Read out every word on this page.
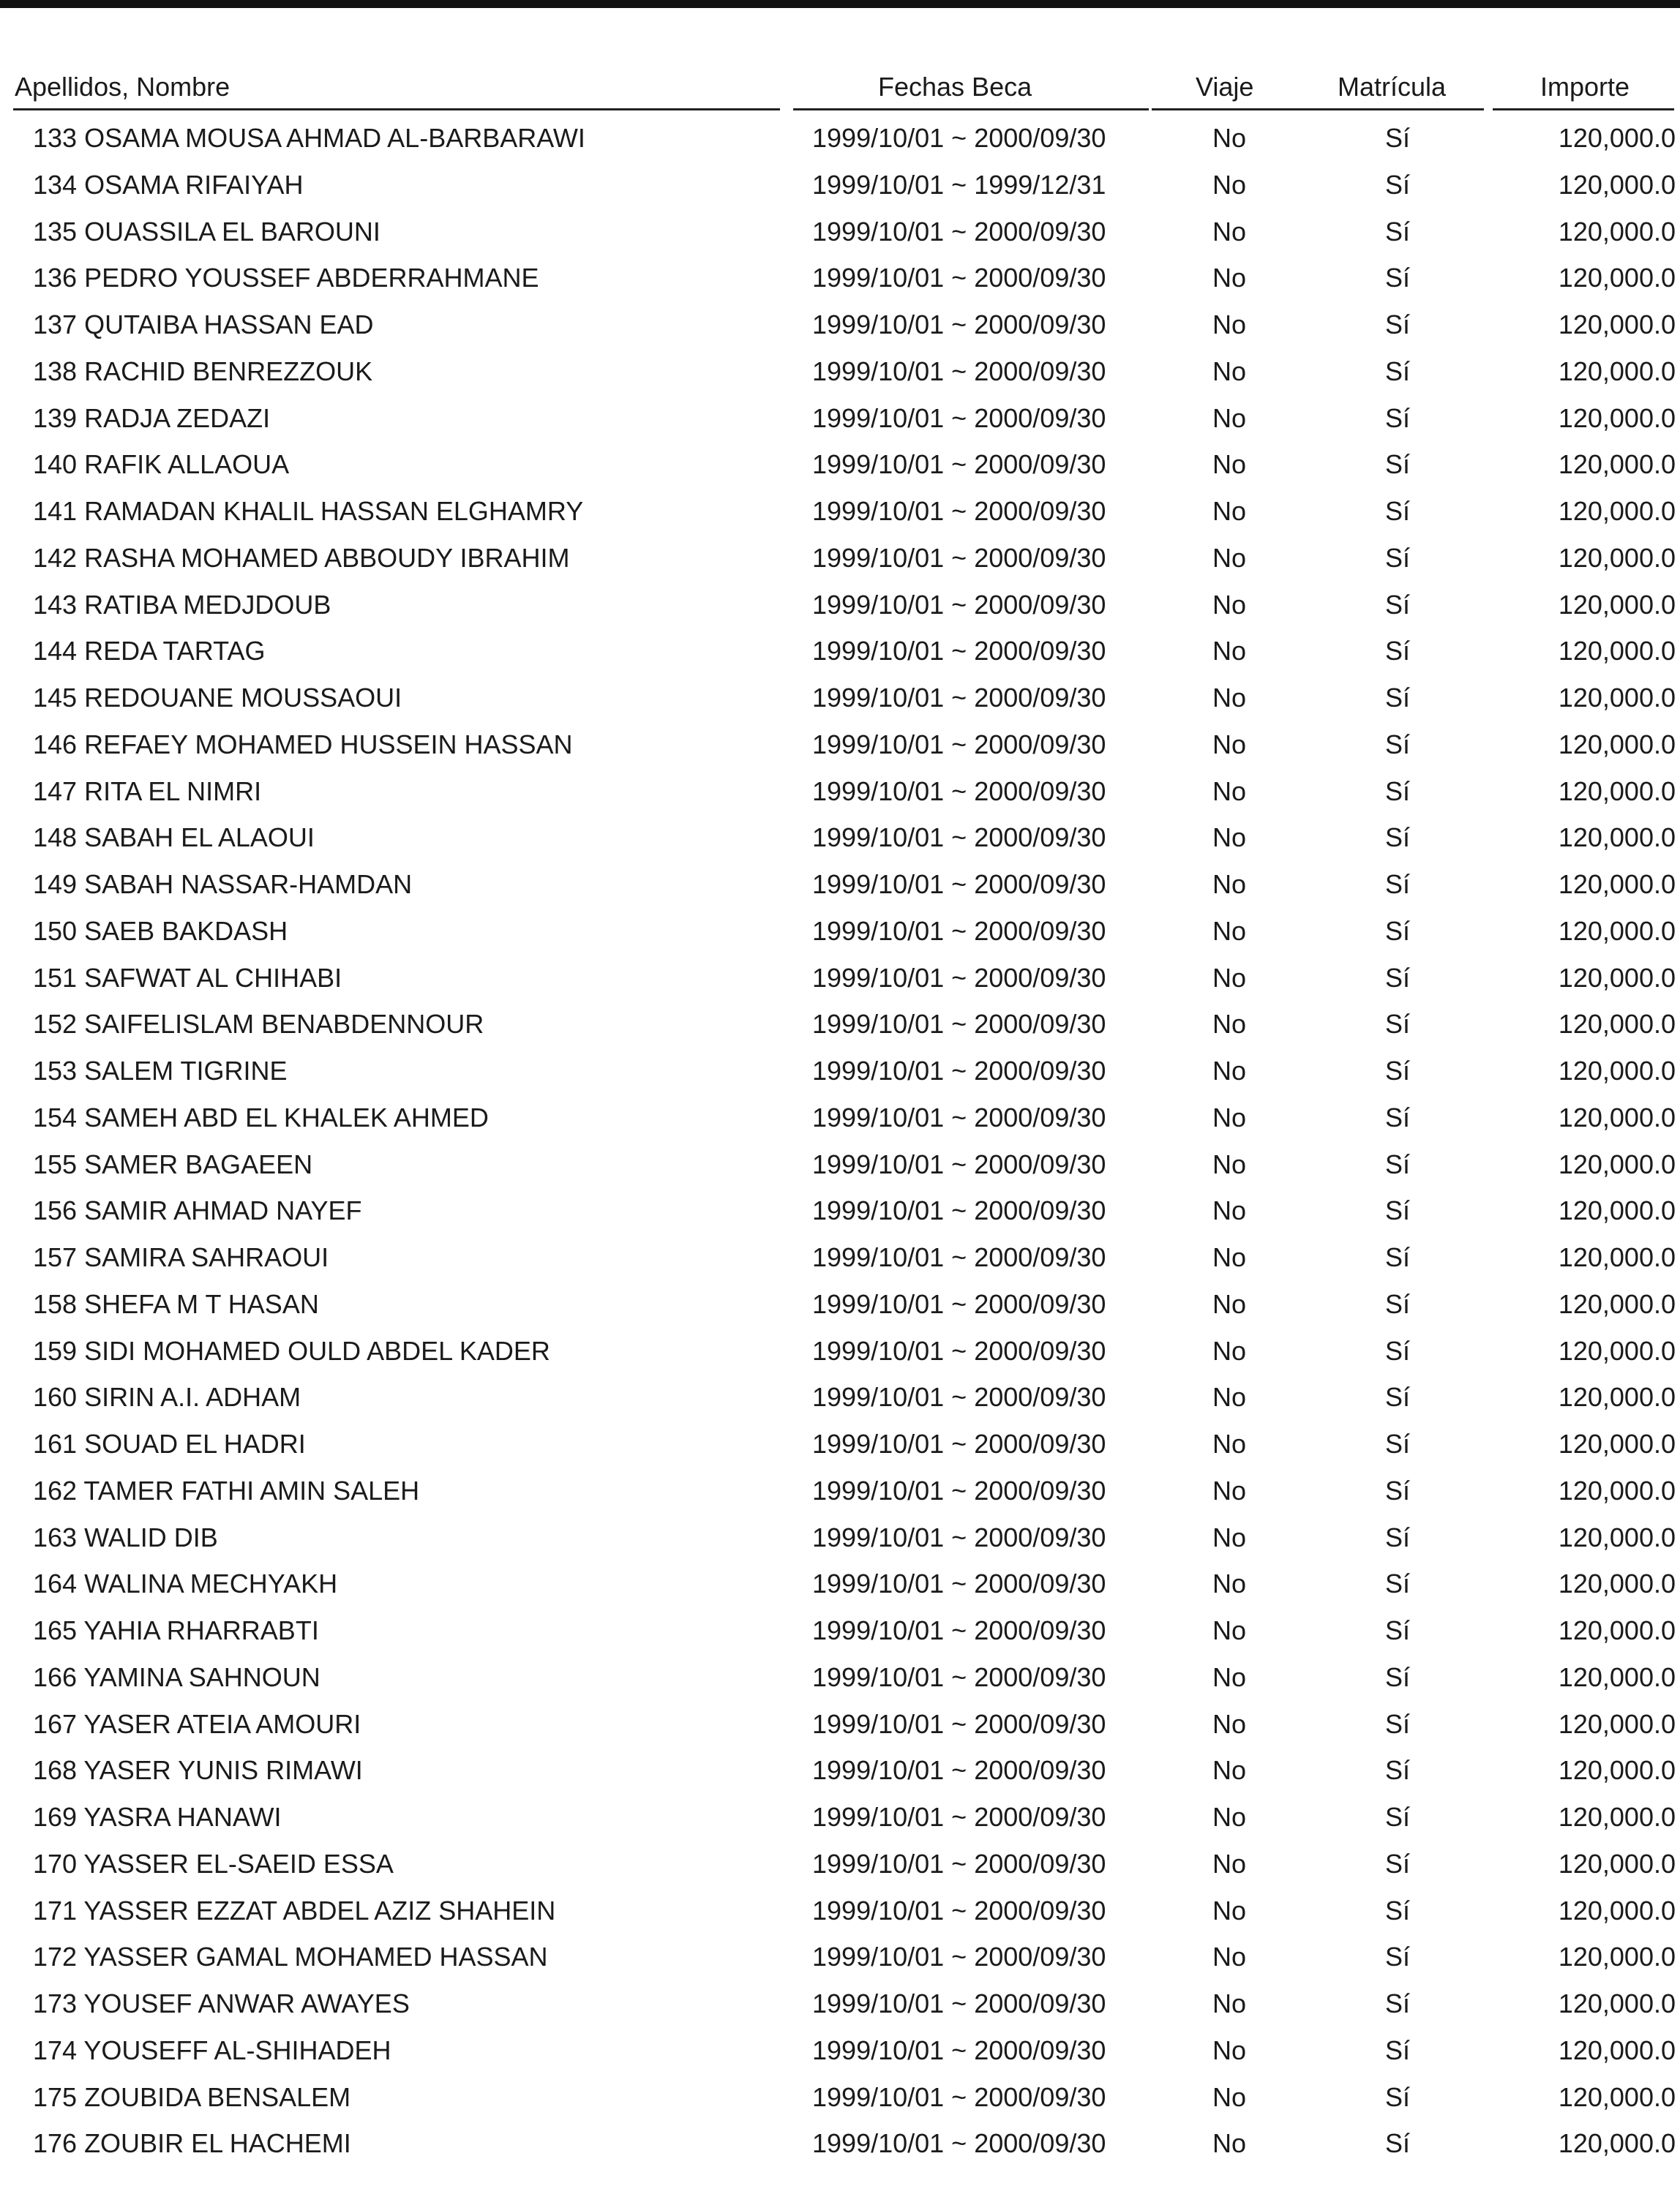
Apellidos, Nombre	Fechas Beca	Viaje	Matrícula	Importe
133 OSAMA MOUSA AHMAD AL-BARBARAWI	1999/10/01 ~ 2000/09/30	No	Sí	120,000.0
134 OSAMA RIFAIYAH	1999/10/01 ~ 1999/12/31	No	Sí	120,000.0
135 OUASSILA EL BAROUNI	1999/10/01 ~ 2000/09/30	No	Sí	120,000.0
136 PEDRO YOUSSEF ABDERRAHMANE	1999/10/01 ~ 2000/09/30	No	Sí	120,000.0
137 QUTAIBA HASSAN EAD	1999/10/01 ~ 2000/09/30	No	Sí	120,000.0
138 RACHID BENREZZOUK	1999/10/01 ~ 2000/09/30	No	Sí	120,000.0
139 RADJA ZEDAZI	1999/10/01 ~ 2000/09/30	No	Sí	120,000.0
140 RAFIK ALLAOUA	1999/10/01 ~ 2000/09/30	No	Sí	120,000.0
141 RAMADAN KHALIL HASSAN ELGHAMRY	1999/10/01 ~ 2000/09/30	No	Sí	120,000.0
142 RASHA MOHAMED ABBOUDY IBRAHIM	1999/10/01 ~ 2000/09/30	No	Sí	120,000.0
143 RATIBA MEDJDOUB	1999/10/01 ~ 2000/09/30	No	Sí	120,000.0
144 REDA TARTAG	1999/10/01 ~ 2000/09/30	No	Sí	120,000.0
145 REDOUANE MOUSSAOUI	1999/10/01 ~ 2000/09/30	No	Sí	120,000.0
146 REFAEY MOHAMED HUSSEIN HASSAN	1999/10/01 ~ 2000/09/30	No	Sí	120,000.0
147 RITA EL NIMRI	1999/10/01 ~ 2000/09/30	No	Sí	120,000.0
148 SABAH EL ALAOUI	1999/10/01 ~ 2000/09/30	No	Sí	120,000.0
149 SABAH NASSAR-HAMDAN	1999/10/01 ~ 2000/09/30	No	Sí	120,000.0
150 SAEB BAKDASH	1999/10/01 ~ 2000/09/30	No	Sí	120,000.0
151 SAFWAT AL CHIHABI	1999/10/01 ~ 2000/09/30	No	Sí	120,000.0
152 SAIFELISLAM BENABDENNOUR	1999/10/01 ~ 2000/09/30	No	Sí	120,000.0
153 SALEM TIGRINE	1999/10/01 ~ 2000/09/30	No	Sí	120,000.0
154 SAMEH ABD EL KHALEK AHMED	1999/10/01 ~ 2000/09/30	No	Sí	120,000.0
155 SAMER BAGAEEN	1999/10/01 ~ 2000/09/30	No	Sí	120,000.0
156 SAMIR AHMAD NAYEF	1999/10/01 ~ 2000/09/30	No	Sí	120,000.0
157 SAMIRA SAHRAOUI	1999/10/01 ~ 2000/09/30	No	Sí	120,000.0
158 SHEFA M T HASAN	1999/10/01 ~ 2000/09/30	No	Sí	120,000.0
159 SIDI MOHAMED OULD ABDEL KADER	1999/10/01 ~ 2000/09/30	No	Sí	120,000.0
160 SIRIN A.I. ADHAM	1999/10/01 ~ 2000/09/30	No	Sí	120,000.0
161 SOUAD EL HADRI	1999/10/01 ~ 2000/09/30	No	Sí	120,000.0
162 TAMER FATHI AMIN SALEH	1999/10/01 ~ 2000/09/30	No	Sí	120,000.0
163 WALID DIB	1999/10/01 ~ 2000/09/30	No	Sí	120,000.0
164 WALINA MECHYAKH	1999/10/01 ~ 2000/09/30	No	Sí	120,000.0
165 YAHIA RHARRABTI	1999/10/01 ~ 2000/09/30	No	Sí	120,000.0
166 YAMINA SAHNOUN	1999/10/01 ~ 2000/09/30	No	Sí	120,000.0
167 YASER ATEIA AMOURI	1999/10/01 ~ 2000/09/30	No	Sí	120,000.0
168 YASER YUNIS RIMAWI	1999/10/01 ~ 2000/09/30	No	Sí	120,000.0
169 YASRA HANAWI	1999/10/01 ~ 2000/09/30	No	Sí	120,000.0
170 YASSER EL-SAEID ESSA	1999/10/01 ~ 2000/09/30	No	Sí	120,000.0
171 YASSER EZZAT ABDEL AZIZ SHAHEIN	1999/10/01 ~ 2000/09/30	No	Sí	120,000.0
172 YASSER GAMAL MOHAMED HASSAN	1999/10/01 ~ 2000/09/30	No	Sí	120,000.0
173 YOUSEF ANWAR AWAYES	1999/10/01 ~ 2000/09/30	No	Sí	120,000.0
174 YOUSEFF AL-SHIHADEH	1999/10/01 ~ 2000/09/30	No	Sí	120,000.0
175 ZOUBIDA BENSALEM	1999/10/01 ~ 2000/09/30	No	Sí	120,000.0
176 ZOUBIR EL HACHEMI	1999/10/01 ~ 2000/09/30	No	Sí	120,000.0
